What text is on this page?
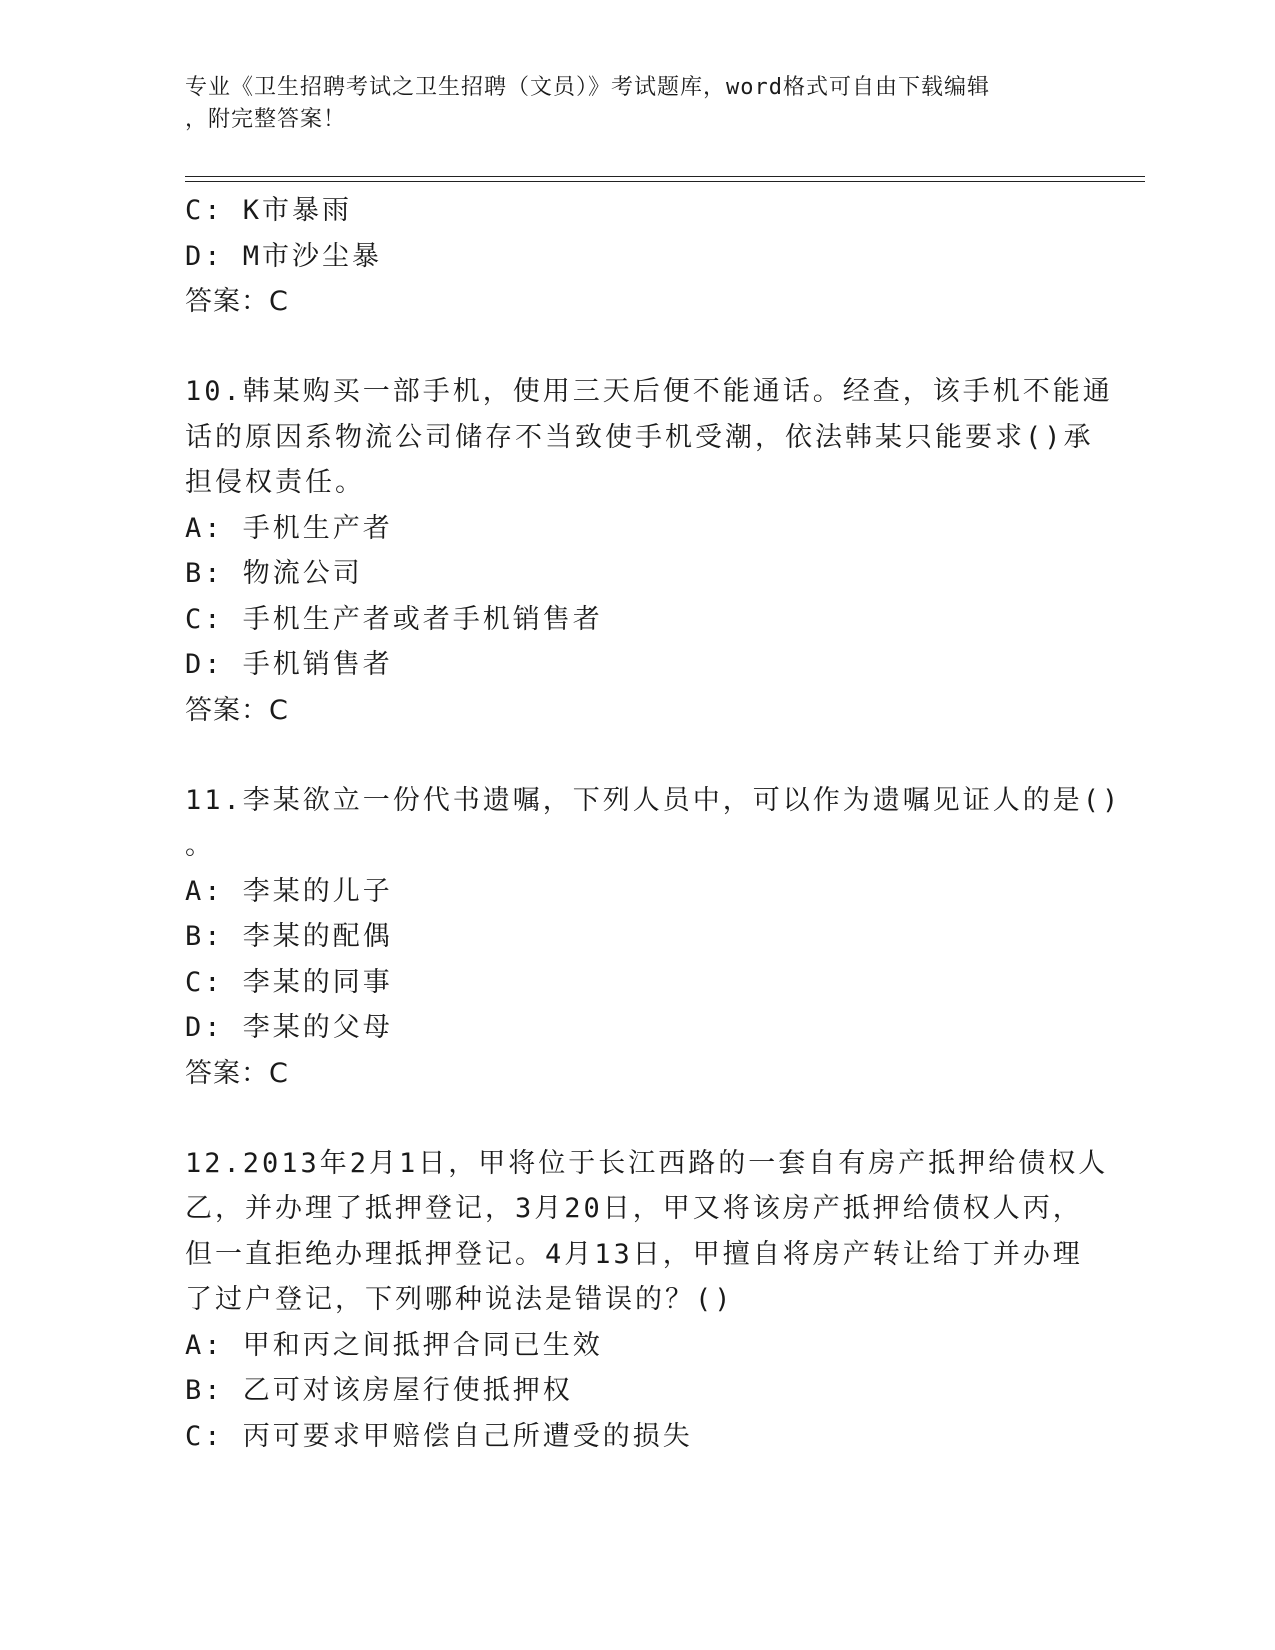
专业《卫生招聘考试之卫生招聘（文员）》考试题库，word格式可自由下载编辑
，附完整答案！
C: K市暴雨
D: M市沙尘暴
答案：C
10.韩某购买一部手机，使用三天后便不能通话。经查，该手机不能通
话的原因系物流公司储存不当致使手机受潮，依法韩某只能要求()承
担侵权责任。
A: 手机生产者
B: 物流公司
C: 手机生产者或者手机销售者
D: 手机销售者
答案：C
11.李某欲立一份代书遗嘱，下列人员中，可以作为遗嘱见证人的是()
。
A: 李某的儿子
B: 李某的配偶
C: 李某的同事
D: 李某的父母
答案：C
12.2013年2月1日，甲将位于长江西路的一套自有房产抵押给债权人
乙，并办理了抵押登记，3月20日，甲又将该房产抵押给债权人丙，
但一直拒绝办理抵押登记。4月13日，甲擅自将房产转让给丁并办理
了过户登记，下列哪种说法是错误的？()
A: 甲和丙之间抵押合同已生效
B: 乙可对该房屋行使抵押权
C: 丙可要求甲赔偿自己所遭受的损失
